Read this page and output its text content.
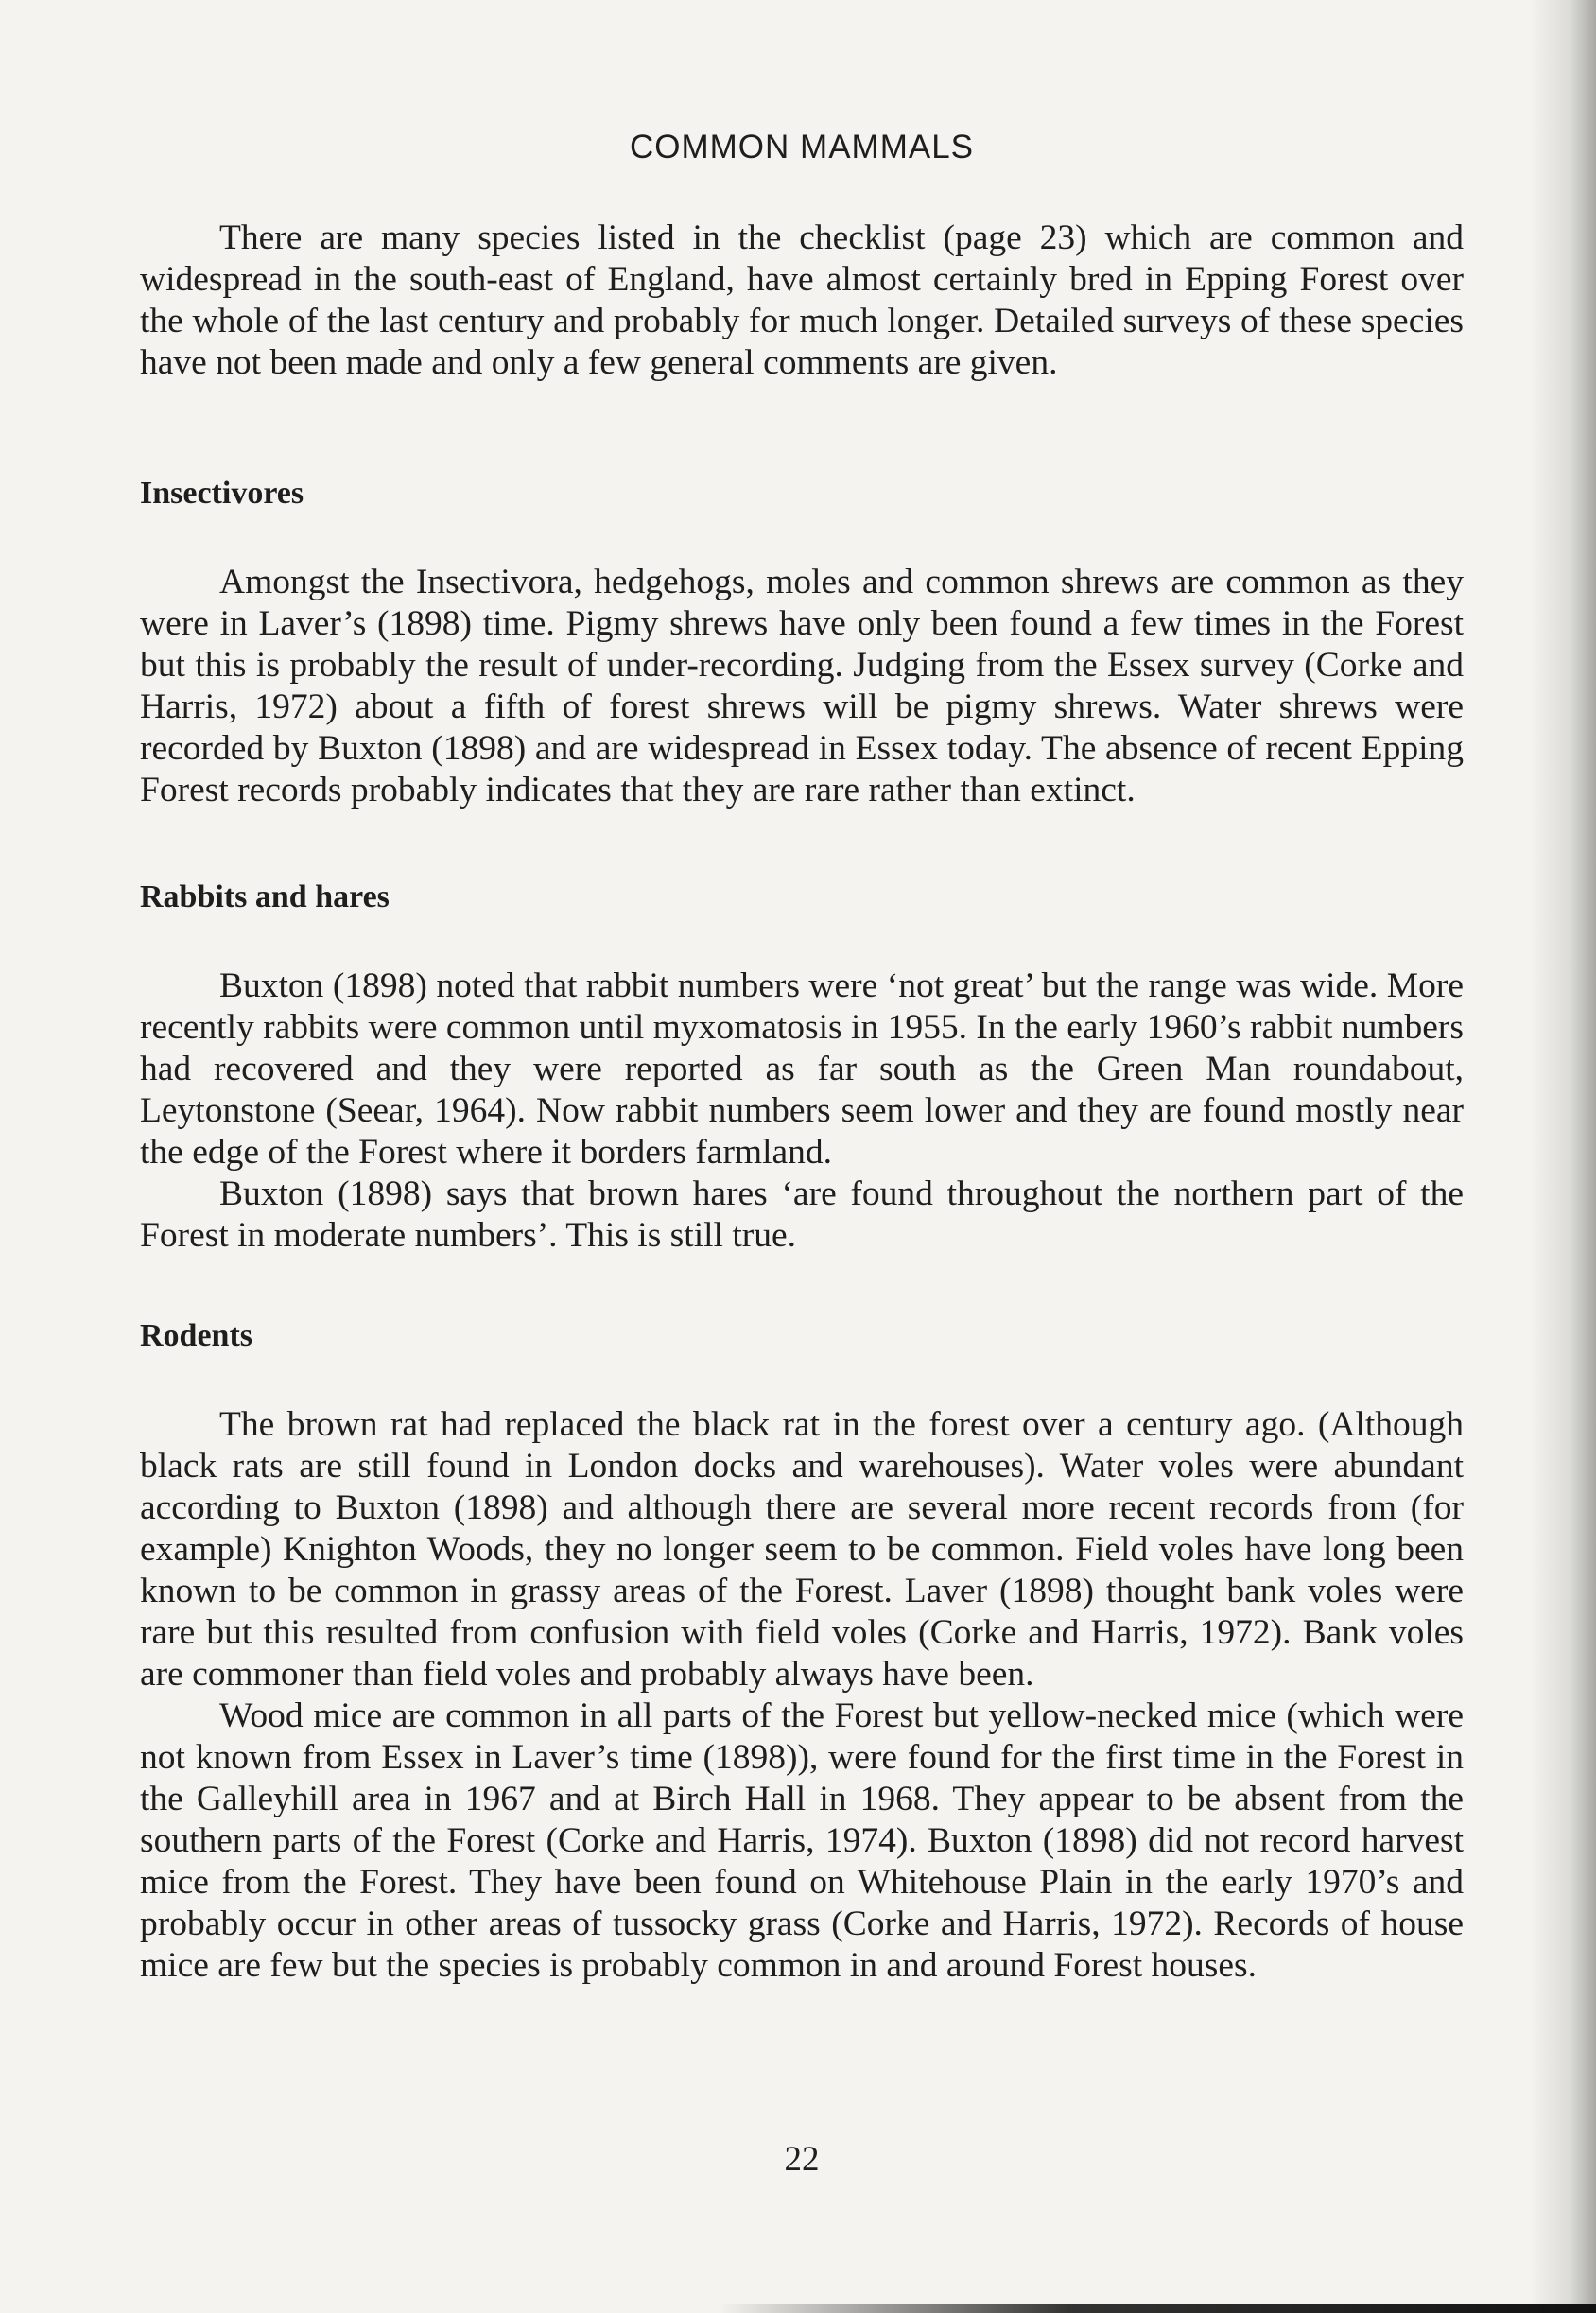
COMMON MAMMALS

There are many species listed in the checklist (page 23) which are common and widespread in the south-east of England, have almost certainly bred in Epping Forest over the whole of the last century and probably for much longer. Detailed surveys of these species have not been made and only a few general comments are given.

Insectivores

Amongst the Insectivora, hedgehogs, moles and common shrews are common as they were in Laver’s (1898) time. Pigmy shrews have only been found a few times in the Forest but this is probably the result of under-recording. Judging from the Essex survey (Corke and Harris, 1972) about a fifth of forest shrews will be pigmy shrews. Water shrews were recorded by Buxton (1898) and are widespread in Essex today. The absence of recent Epping Forest records probably indicates that they are rare rather than extinct.

Rabbits and hares

Buxton (1898) noted that rabbit numbers were ‘not great’ but the range was wide. More recently rabbits were common until myxomatosis in 1955. In the early 1960’s rabbit numbers had recovered and they were reported as far south as the Green Man roundabout, Leytonstone (Seear, 1964). Now rabbit numbers seem lower and they are found mostly near the edge of the Forest where it borders farmland.

Buxton (1898) says that brown hares ‘are found throughout the northern part of the Forest in moderate numbers’. This is still true.

Rodents

The brown rat had replaced the black rat in the forest over a century ago. (Although black rats are still found in London docks and warehouses). Water voles were abundant according to Buxton (1898) and although there are several more recent records from (for example) Knighton Woods, they no longer seem to be common. Field voles have long been known to be common in grassy areas of the Forest. Laver (1898) thought bank voles were rare but this resulted from confusion with field voles (Corke and Harris, 1972). Bank voles are commoner than field voles and probably always have been.

Wood mice are common in all parts of the Forest but yellow-necked mice (which were not known from Essex in Laver’s time (1898)), were found for the first time in the Forest in the Galleyhill area in 1967 and at Birch Hall in 1968. They appear to be absent from the southern parts of the Forest (Corke and Harris, 1974). Buxton (1898) did not record harvest mice from the Forest. They have been found on Whitehouse Plain in the early 1970’s and probably occur in other areas of tussocky grass (Corke and Harris, 1972). Records of house mice are few but the species is probably common in and around Forest houses.

22
